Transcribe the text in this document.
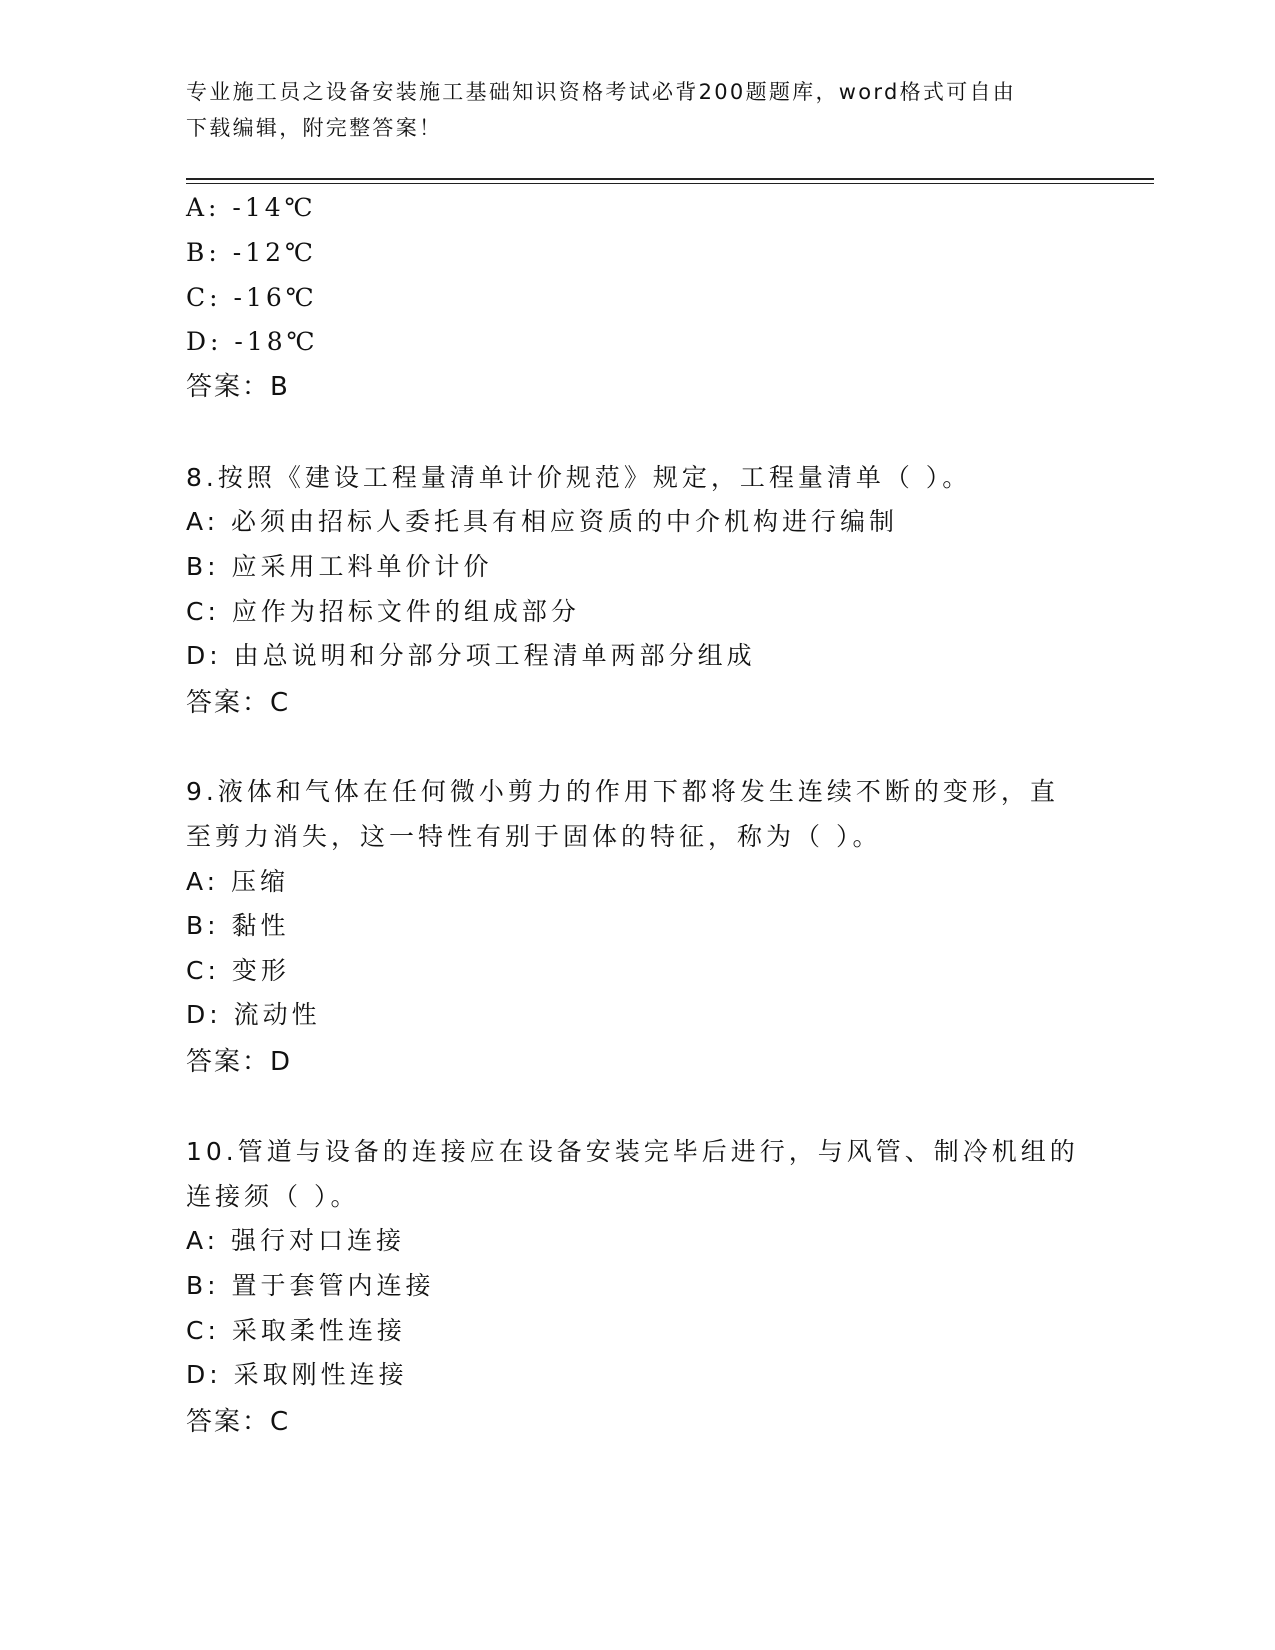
专业施工员之设备安装施工基础知识资格考试必背200题题库，word格式可自由
下载编辑，附完整答案！
A: -14℃
B: -12℃
C: -16℃
D: -18℃
答案：B
8.按照《建设工程量清单计价规范》规定，工程量清单（ ）。
A: 必须由招标人委托具有相应资质的中介机构进行编制
B: 应采用工料单价计价
C: 应作为招标文件的组成部分
D: 由总说明和分部分项工程清单两部分组成
答案：C
9.液体和气体在任何微小剪力的作用下都将发生连续不断的变形，直
至剪力消失，这一特性有别于固体的特征，称为（ ）。
A: 压缩
B: 黏性
C: 变形
D: 流动性
答案：D
10.管道与设备的连接应在设备安装完毕后进行，与风管、制冷机组的
连接须（ ）。
A: 强行对口连接
B: 置于套管内连接
C: 采取柔性连接
D: 采取刚性连接
答案：C
